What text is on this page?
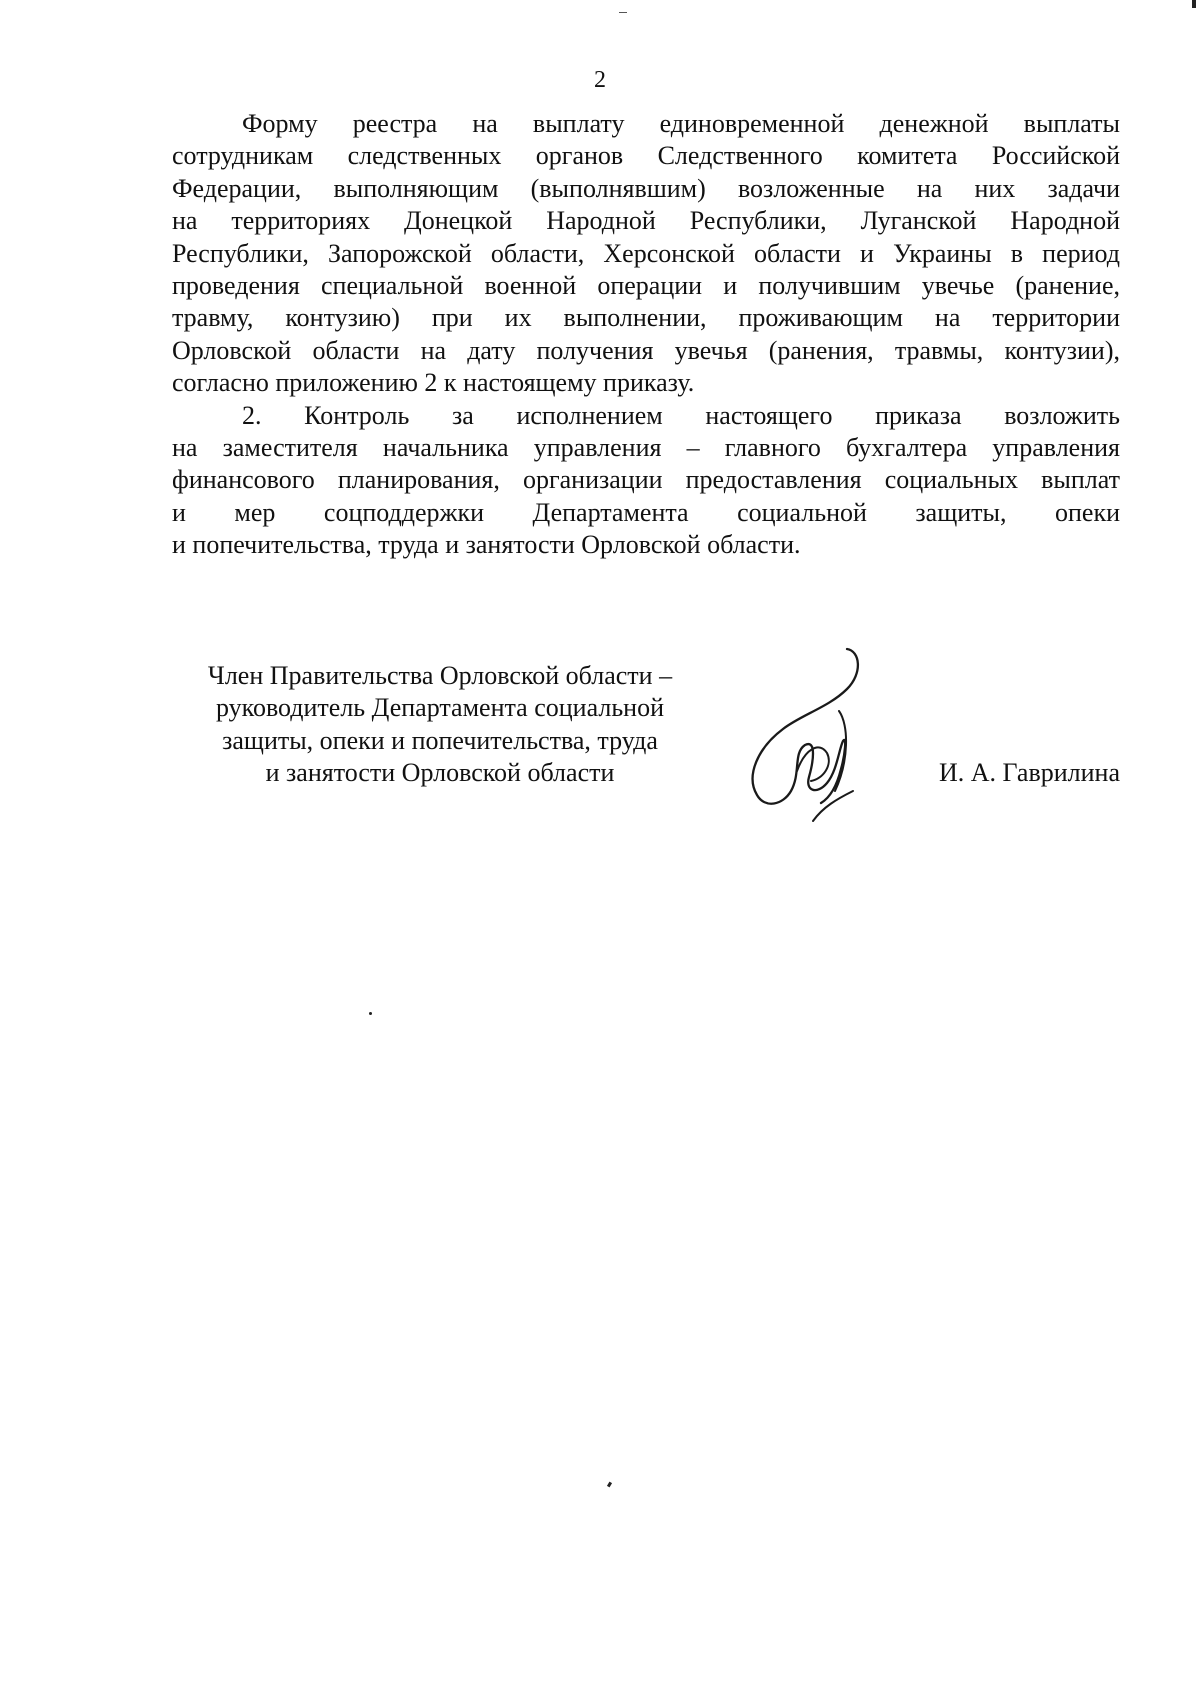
2

Форму реестра на выплату единовременной денежной выплаты
сотрудникам следственных органов Следственного комитета Российской
Федерации, выполняющим (выполнявшим) возложенные на них задачи
на территориях Донецкой Народной Республики, Луганской Народной
Республики, Запорожской области, Херсонской области и Украины в период
проведения специальной военной операции и получившим увечье (ранение,
травму, контузию) при их выполнении, проживающим на территории
Орловской области на дату получения увечья (ранения, травмы, контузии),
согласно приложению 2 к настоящему приказу.

2. Контроль за исполнением настоящего приказа возложить
на заместителя начальника управления – главного бухгалтера управления
финансового планирования, организации предоставления социальных выплат
и мер соцподдержки Департамента социальной защиты, опеки
и попечительства, труда и занятости Орловской области.

Член Правительства Орловской области –
руководитель Департамента социальной
защиты, опеки и попечительства, труда
и занятости Орловской области	И. А. Гаврилина
